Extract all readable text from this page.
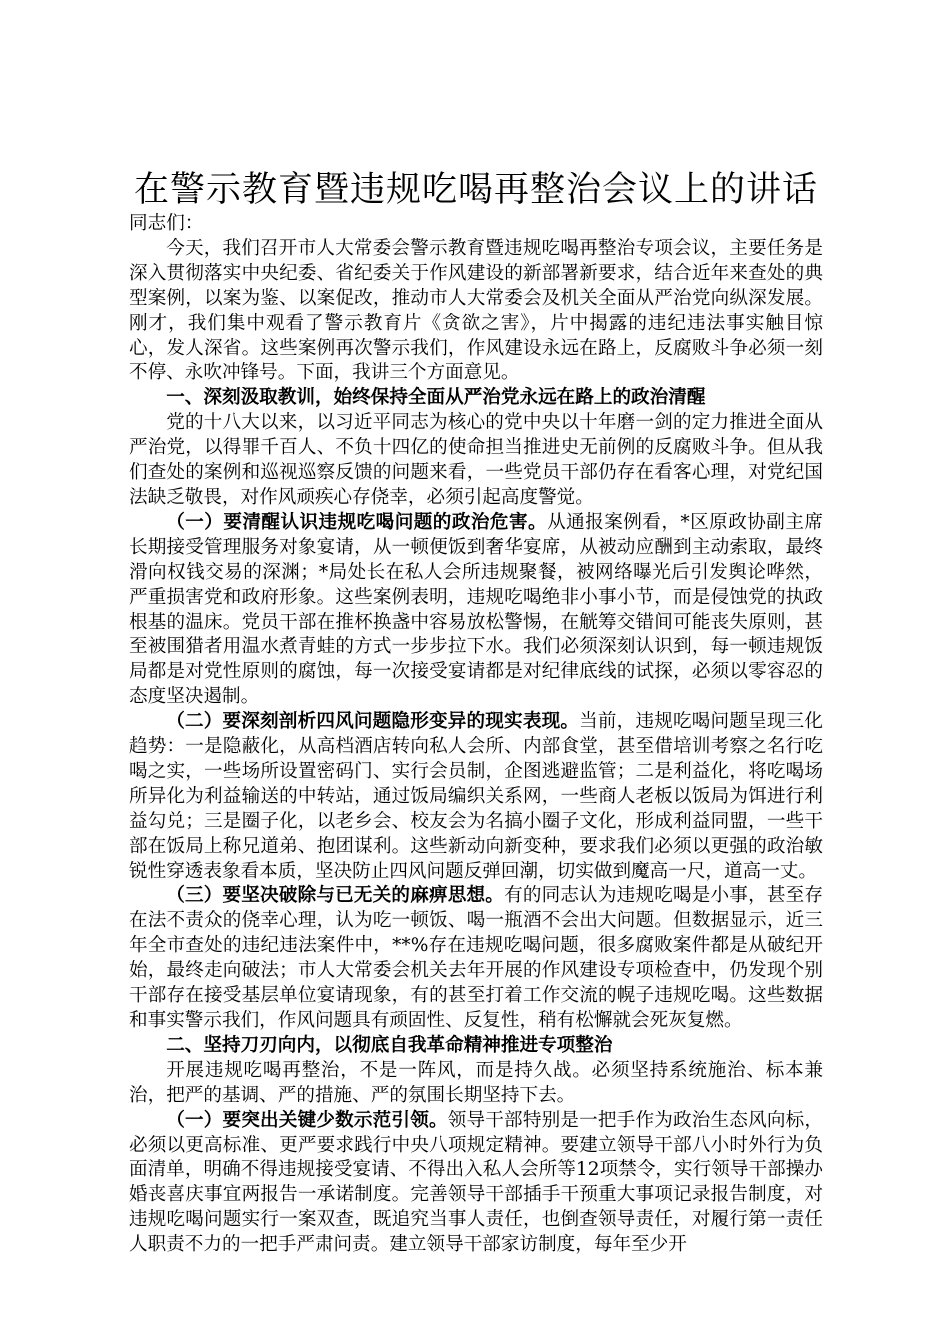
在警示教育暨违规吃喝再整治会议上的讲话

同志们：

今天，我们召开市人大常委会警示教育暨违规吃喝再整治专项会议，主要任务是深入贯彻落实中央纪委、省纪委关于作风建设的新部署新要求，结合近年来查处的典型案例，以案为鉴、以案促改，推动市人大常委会及机关全面从严治党向纵深发展。刚才，我们集中观看了警示教育片《贪欲之害》，片中揭露的违纪违法事实触目惊心，发人深省。这些案例再次警示我们，作风建设永远在路上，反腐败斗争必须一刻不停、永吹冲锋号。下面，我讲三个方面意见。

一、深刻汲取教训，始终保持全面从严治党永远在路上的政治清醒

党的十八大以来，以习近平同志为核心的党中央以十年磨一剑的定力推进全面从严治党，以得罪千百人、不负十四亿的使命担当推进史无前例的反腐败斗争。但从我们查处的案例和巡视巡察反馈的问题来看，一些党员干部仍存在看客心理，对党纪国法缺乏敬畏，对作风顽疾心存侥幸，必须引起高度警觉。

（一）要清醒认识违规吃喝问题的政治危害。从通报案例看，*区原政协副主席长期接受管理服务对象宴请，从一顿便饭到奢华宴席，从被动应酬到主动索取，最终滑向权钱交易的深渊；*局处长在私人会所违规聚餐，被网络曝光后引发舆论哗然，严重损害党和政府形象。这些案例表明，违规吃喝绝非小事小节，而是侵蚀党的执政根基的温床。党员干部在推杯换盏中容易放松警惕，在觥筹交错间可能丧失原则，甚至被围猎者用温水煮青蛙的方式一步步拉下水。我们必须深刻认识到，每一顿违规饭局都是对党性原则的腐蚀，每一次接受宴请都是对纪律底线的试探，必须以零容忍的态度坚决遏制。

（二）要深刻剖析四风问题隐形变异的现实表现。当前，违规吃喝问题呈现三化趋势：一是隐蔽化，从高档酒店转向私人会所、内部食堂，甚至借培训考察之名行吃喝之实，一些场所设置密码门、实行会员制，企图逃避监管；二是利益化，将吃喝场所异化为利益输送的中转站，通过饭局编织关系网，一些商人老板以饭局为饵进行利益勾兑；三是圈子化，以老乡会、校友会为名搞小圈子文化，形成利益同盟，一些干部在饭局上称兄道弟、抱团谋利。这些新动向新变种，要求我们必须以更强的政治敏锐性穿透表象看本质，坚决防止四风问题反弹回潮，切实做到魔高一尺，道高一丈。

（三）要坚决破除与已无关的麻痹思想。有的同志认为违规吃喝是小事，甚至存在法不责众的侥幸心理，认为吃一顿饭、喝一瓶酒不会出大问题。但数据显示，近三年全市查处的违纪违法案件中，**%存在违规吃喝问题，很多腐败案件都是从破纪开始，最终走向破法；市人大常委会机关去年开展的作风建设专项检查中，仍发现个别干部存在接受基层单位宴请现象，有的甚至打着工作交流的幌子违规吃喝。这些数据和事实警示我们，作风问题具有顽固性、反复性，稍有松懈就会死灰复燃。

二、坚持刀刃向内，以彻底自我革命精神推进专项整治

开展违规吃喝再整治，不是一阵风，而是持久战。必须坚持系统施治、标本兼治，把严的基调、严的措施、严的氛围长期坚持下去。

（一）要突出关键少数示范引领。领导干部特别是一把手作为政治生态风向标，必须以更高标准、更严要求践行中央八项规定精神。要建立领导干部八小时外行为负面清单，明确不得违规接受宴请、不得出入私人会所等12项禁令，实行领导干部操办婚丧喜庆事宜两报告一承诺制度。完善领导干部插手干预重大事项记录报告制度，对违规吃喝问题实行一案双查，既追究当事人责任，也倒查领导责任，对履行第一责任人职责不力的一把手严肃问责。建立领导干部家访制度，每年至少开
